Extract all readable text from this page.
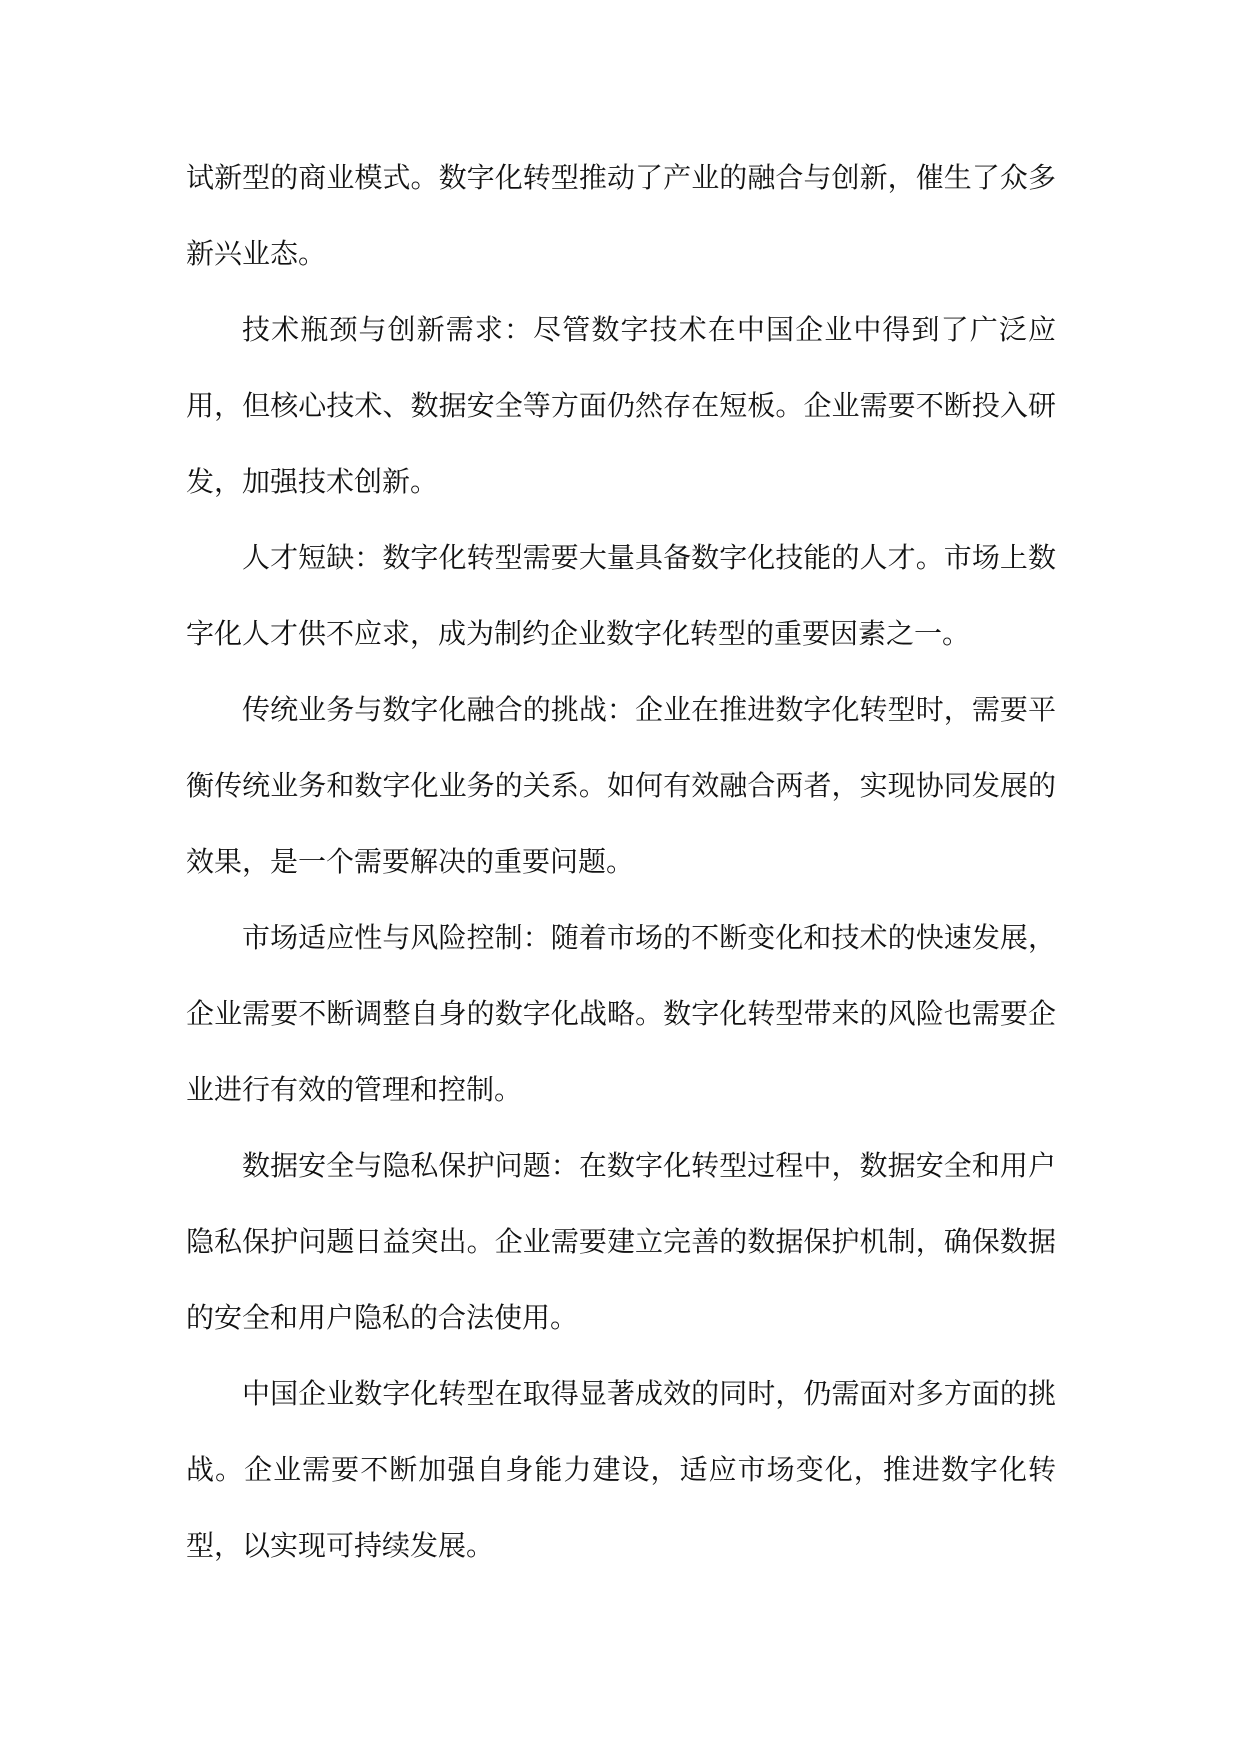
试新型的商业模式。数字化转型推动了产业的融合与创新，催生了众多新兴业态。

技术瓶颈与创新需求：尽管数字技术在中国企业中得到了广泛应用，但核心技术、数据安全等方面仍然存在短板。企业需要不断投入研发，加强技术创新。

人才短缺：数字化转型需要大量具备数字化技能的人才。市场上数字化人才供不应求，成为制约企业数字化转型的重要因素之一。

传统业务与数字化融合的挑战：企业在推进数字化转型时，需要平衡传统业务和数字化业务的关系。如何有效融合两者，实现协同发展的效果，是一个需要解决的重要问题。

市场适应性与风险控制：随着市场的不断变化和技术的快速发展，企业需要不断调整自身的数字化战略。数字化转型带来的风险也需要企业进行有效的管理和控制。

数据安全与隐私保护问题：在数字化转型过程中，数据安全和用户隐私保护问题日益突出。企业需要建立完善的数据保护机制，确保数据的安全和用户隐私的合法使用。

中国企业数字化转型在取得显著成效的同时，仍需面对多方面的挑战。企业需要不断加强自身能力建设，适应市场变化，推进数字化转型，以实现可持续发展。
